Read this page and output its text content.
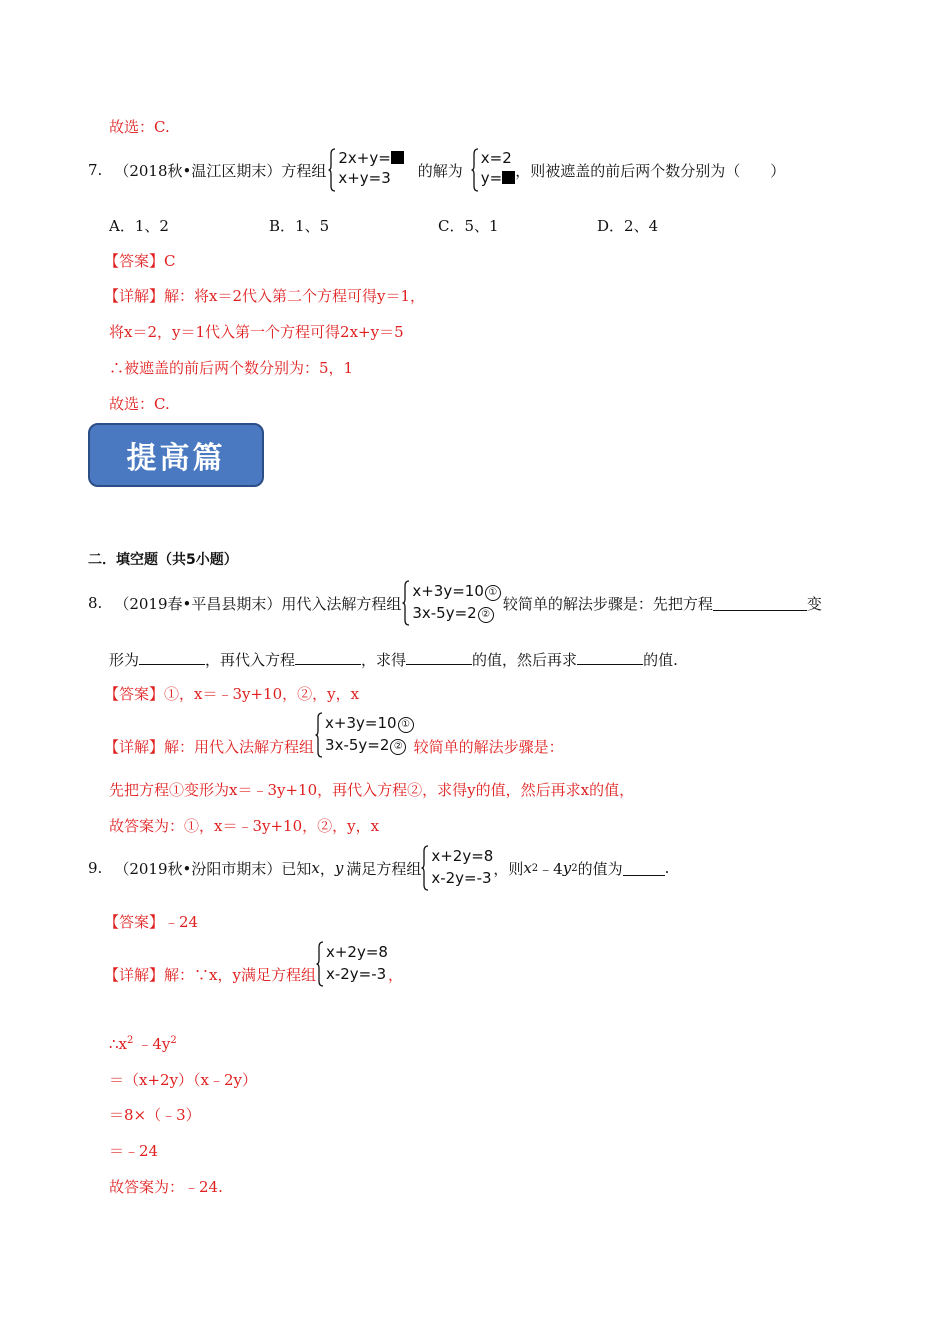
故选：C.
7. （2018秋•温江区期末）方程组
2x+y=
x+y=3	的解为
x=2
y= ，则被遮盖的前后两个数分别为（　　）
A．1、2	B．1、5	C．5、1	D．2、4
【答案】C
【详解】解：将x＝2代入第二个方程可得y＝1，
将x＝2，y＝1代入第一个方程可得2x+y＝5
∴被遮盖的前后两个数分别为：5，1
故选：C.
提高篇
二．填空题（共5小题）
8. （2019春•平昌县期末）用代入法解方程组
x+3y=10 ①
3x-5y=2 ②
较简单的解法步骤是：先把方程	变
形为	，再代入方程	，求得	的值，然后再求	的值.
【答案】①，x＝﹣3y+10，②，y，x
【详解】 解：用代入法解方程组
x+3y=10 ①
3x-5y=2 ② 较简单的解法步骤是：
先把方程①变形为x＝﹣3y+10，再代入方程②，求得y的值，然后再求x的值，
故答案为：①，x＝﹣3y+10，②，y，x
9. （2019秋•汾阳市期末）已知 x ， y 满足方程组
x+2y=8
x-2y=-3
，则 x 2 ﹣4 y 2 的值为	.
【答案】﹣24
【详解】 解：∵x，y满足方程组
x+2y=8
x-2y=-3 ，
$\therefore x^2$ $﹣4y^2$
＝（x+2y）（x﹣2y）
＝8×（﹣3）
＝﹣24
故答案为：﹣24.
